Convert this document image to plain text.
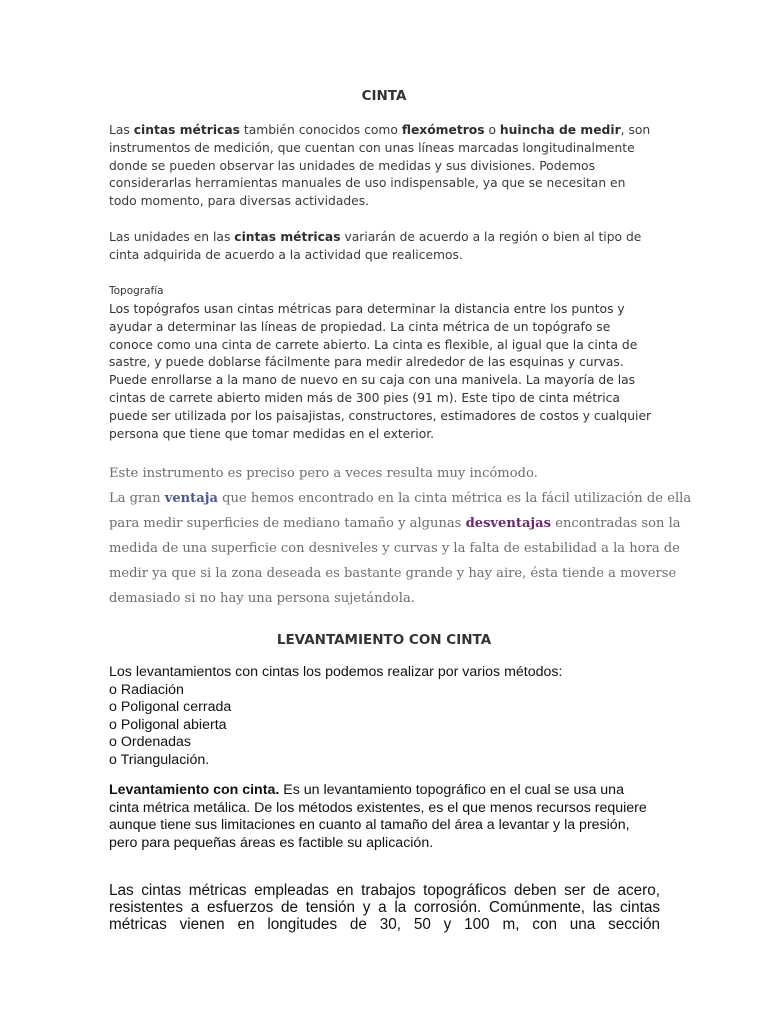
CINTA
Las cintas métricas también conocidos como flexómetros o huincha de medir, son
instrumentos de medición, que cuentan con unas líneas marcadas longitudinalmente
donde se pueden observar las unidades de medidas y sus divisiones. Podemos
considerarlas herramientas manuales de uso indispensable, ya que se necesitan en
todo momento, para diversas actividades.
Las unidades en las cintas métricas variarán de acuerdo a la región o bien al tipo de
cinta adquirida de acuerdo a la actividad que realicemos.
Topografía
Los topógrafos usan cintas métricas para determinar la distancia entre los puntos y
ayudar a determinar las líneas de propiedad. La cinta métrica de un topógrafo se
conoce como una cinta de carrete abierto. La cinta es flexible, al igual que la cinta de
sastre, y puede doblarse fácilmente para medir alrededor de las esquinas y curvas.
Puede enrollarse a la mano de nuevo en su caja con una manivela. La mayoría de las
cintas de carrete abierto miden más de 300 pies (91 m). Este tipo de cinta métrica
puede ser utilizada por los paisajistas, constructores, estimadores de costos y cualquier
persona que tiene que tomar medidas en el exterior.
Este instrumento es preciso pero a veces resulta muy incómodo.
La gran ventaja que hemos encontrado en la cinta métrica es la fácil utilización de ella
para medir superficies de mediano tamaño y algunas desventajas encontradas son la
medida de una superficie con desniveles y curvas y la falta de estabilidad a la hora de
medir ya que si la zona deseada es bastante grande y hay aire, ésta tiende a moverse
demasiado si no hay una persona sujetándola.
LEVANTAMIENTO CON CINTA
Los levantamientos con cintas los podemos realizar por varios métodos:
o Radiación
o Poligonal cerrada
o Poligonal abierta
o Ordenadas
o Triangulación.
Levantamiento con cinta. Es un levantamiento topográfico en el cual se usa una
cinta métrica metálica. De los métodos existentes, es el que menos recursos requiere
aunque tiene sus limitaciones en cuanto al tamaño del área a levantar y la presión,
pero para pequeñas áreas es factible su aplicación.
Las cintas métricas empleadas en trabajos topográficos deben ser de acero,
resistentes a esfuerzos de tensión y a la corrosión. Comúnmente, las cintas
métricas vienen en longitudes de 30, 50 y 100 m, con una sección
